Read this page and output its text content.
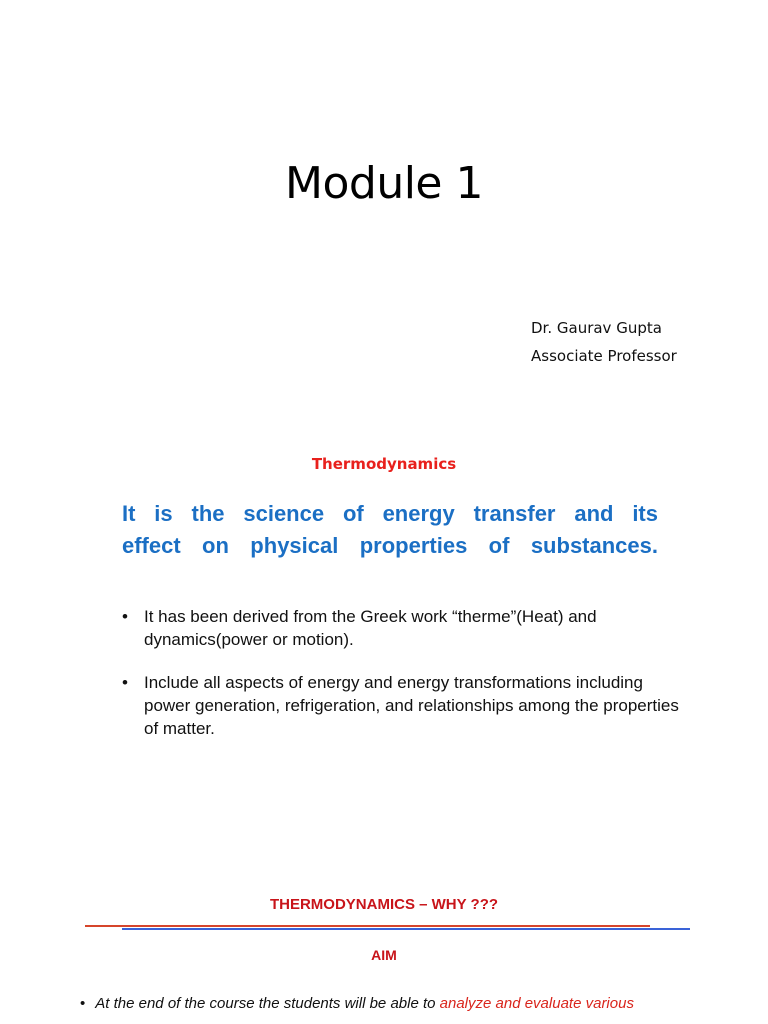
Module 1
Dr. Gaurav Gupta
Associate Professor
Thermodynamics
It is the science of energy transfer and its
effect on physical properties of substances.
• It has been derived from the Greek work “therme”(Heat) and dynamics(power or motion).
• Include all aspects of energy and energy transformations including power generation, refrigeration, and relationships among the properties of matter.
THERMODYNAMICS – WHY ???
AIM
• At the end of the course the students will be able to analyze and evaluate various
